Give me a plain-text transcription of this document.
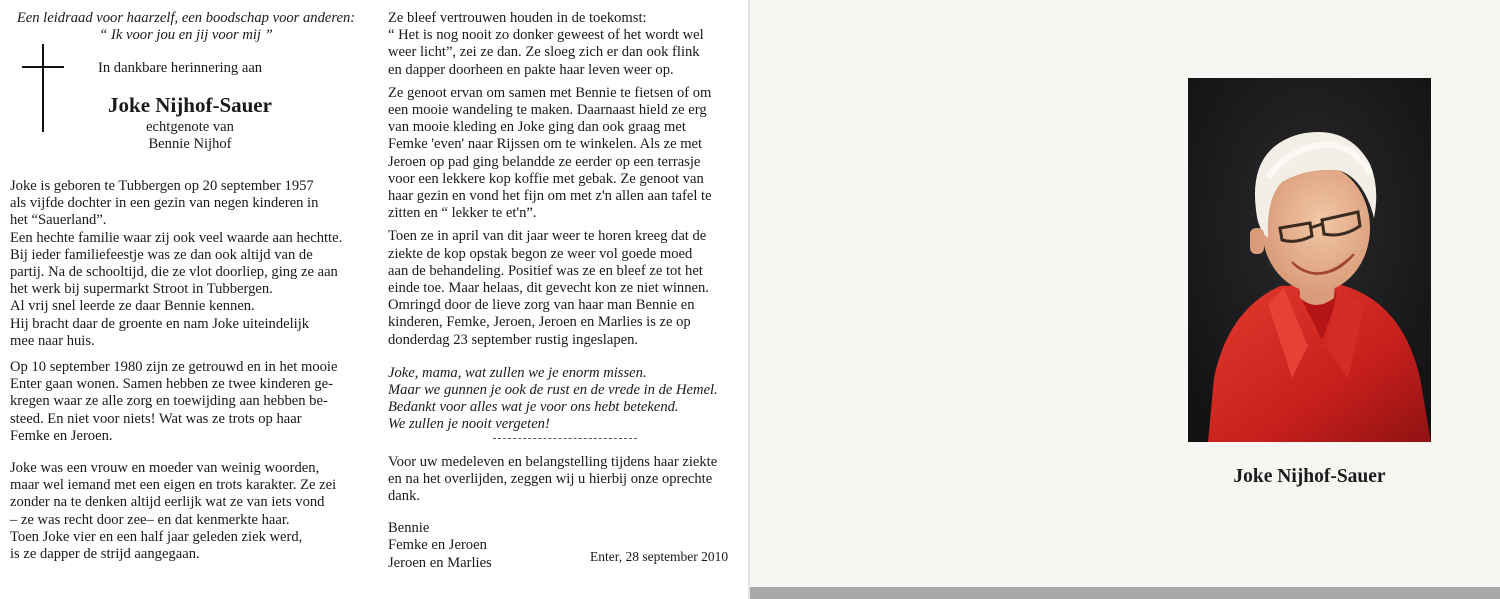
Een leidraad voor haarzelf, een boodschap voor anderen:
“ Ik voor jou en jij voor mij ”
In dankbare herinnering aan
Joke Nijhof-Sauer
echtgenote van
Bennie Nijhof
Joke is geboren te Tubbergen op 20 september 1957
als vijfde dochter in een gezin van negen kinderen in
het “Sauerland”.
Een hechte familie waar zij ook veel waarde aan hechtte.
Bij ieder familiefeestje was ze dan ook altijd van de
partij. Na de schooltijd, die ze vlot doorliep, ging ze aan
het werk bij supermarkt Stroot in Tubbergen.
Al vrij snel leerde ze daar Bennie kennen.
Hij bracht daar de groente en nam Joke uiteindelijk
mee naar huis.
Op 10 september 1980 zijn ze getrouwd en in het mooie
Enter gaan wonen. Samen hebben ze twee kinderen ge-
kregen waar ze alle zorg en toewijding aan hebben be-
steed. En niet voor niets! Wat was ze trots op haar
Femke en Jeroen.
Joke was een vrouw en moeder van weinig woorden,
maar wel iemand met een eigen en trots karakter. Ze zei
zonder na te denken altijd eerlijk wat ze van iets vond
– ze was recht door zee– en dat kenmerkte haar.
Toen Joke vier en een half jaar geleden ziek werd,
is ze dapper de strijd aangegaan.
Ze bleef vertrouwen houden in de toekomst:
“ Het is nog nooit zo donker geweest of het wordt wel
weer licht”, zei ze dan. Ze sloeg zich er dan ook flink
en dapper doorheen en pakte haar leven weer op.
Ze genoot ervan om samen met Bennie te fietsen of om
een mooie wandeling te maken. Daarnaast hield ze erg
van mooie kleding en Joke ging dan ook graag met
Femke 'even' naar Rijssen om te winkelen. Als ze met
Jeroen op pad ging belandde ze eerder op een terrasje
voor een lekkere kop koffie met gebak. Ze genoot van
haar gezin en vond het fijn om met z'n allen aan tafel te
zitten en “ lekker te et'n”.
Toen ze in april van dit jaar weer te horen kreeg dat de
ziekte de kop opstak begon ze weer vol goede moed
aan de behandeling. Positief was ze en bleef ze tot het
einde toe. Maar helaas, dit gevecht kon ze niet winnen.
Omringd door de lieve zorg van haar man Bennie en
kinderen, Femke, Jeroen, Jeroen en Marlies is ze op
donderdag 23 september rustig ingeslapen.
Joke, mama, wat zullen we je enorm missen.
Maar we gunnen je ook de rust en de vrede in de Hemel.
Bedankt voor alles wat je voor ons hebt betekend.
We zullen je nooit vergeten!
Voor uw medeleven en belangstelling tijdens haar ziekte
en na het overlijden, zeggen wij u hierbij onze oprechte
dank.
Bennie
Femke en Jeroen
Jeroen en Marlies	Enter, 28 september 2010
Joke Nijhof-Sauer
